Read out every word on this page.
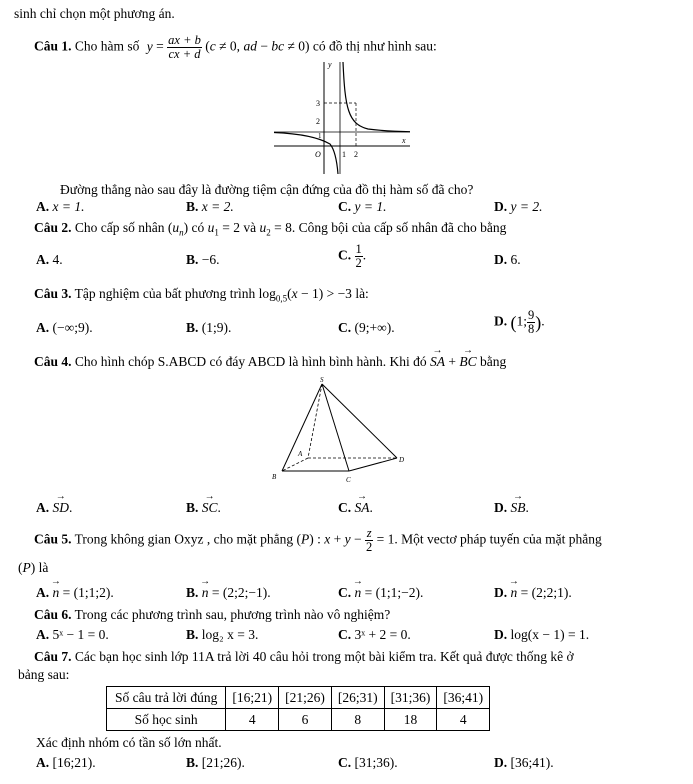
sinh chỉ chọn một phương án.
Câu 1. Cho hàm số $y = \frac{ax + b}{cx + d} (c \ne 0$, ad − bc ≠ 0) có đồ thị như hình sau:
y
x
O	1 2
3
2
1
Đường thẳng nào sau đây là đường tiệm cận đứng của đồ thị hàm số đã cho?
A. x = 1.	B. x = 2.	C. y = 1.	D. y = 2.
Câu 2. Cho cấp số nhân $(u_n)$ có $u_1 = 2$ và $u_2 = 8$. Công bội của cấp số nhân đã cho bằng
A. 4.	B. −6.	C. $\frac{1}{2}$ .	D. 6.
Câu 3. Tập nghiệm của bất phương trình $\log_{0,5}(x - 1) > -3$ là:
A. (−∞;9).	B. (1;9).	C. (9;+∞).	D. (1; $\frac{9}{8}$ ).
Câu 4. Cho hình chóp S.ABCD có đáy ABCD là hình bình hành. Khi đó → SA + → BC bằng
S
A
B	C
D
A. → SD.	B. → SC.	C. → SA.	D. → SB.
Câu 5. Trong không gian Oxyz , cho mặt phẳng (P) : $x + y - \frac{z}{2} = 1$. Một vectơ pháp tuyến của mặt phẳng
(P) là
A. → n = (1;1;2).	B. → n = (2;2;−1).	C. → n = (1;1;−2).	D. → n = (2;2;1).
Câu 6. Trong các phương trình sau, phương trình nào vô nghiệm?
A. 5ˣ − 1 = 0.	B. log₂ x = 3.	C. 3ˣ + 2 = 0.	D. log(x − 1) = 1.
Câu 7. Các bạn học sinh lớp 11A trả lời 40 câu hỏi trong một bài kiểm tra. Kết quả được thống kê ở
bảng sau:
Số câu trả lời đúng	[16;21)	[21;26)	[26;31)	[31;36)	[36;41)
Số học sinh	4	6	8	18	4
Xác định nhóm có tần số lớn nhất.
A. [16;21).	B. [21;26).	C. [31;36).	D. [36;41).
